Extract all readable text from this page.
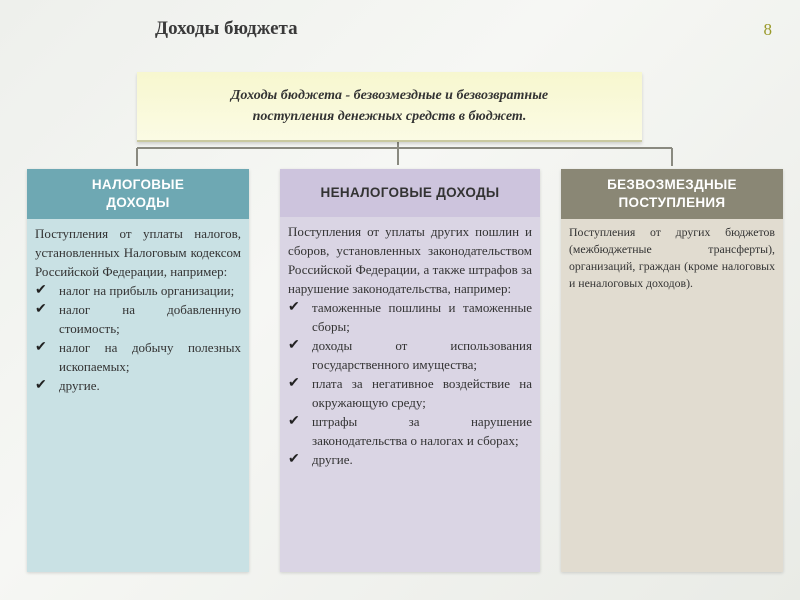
Доходы бюджета	8
Доходы бюджета - безвозмездные и безвозвратные
поступления денежных средств в бюджет.
НАЛОГОВЫЕ
ДОХОДЫ
Поступления от уплаты налогов, установленных Налоговым кодексом Российской Федерации, например:
✔ налог на прибыль организации;
✔ налог на добавленную стоимость;
✔ налог на добычу полезных ископаемых;
✔ другие.
НЕНАЛОГОВЫЕ ДОХОДЫ
Поступления от уплаты других пошлин и сборов, установленных законодательством Российской Федерации, а также штрафов за нарушение законодательства, например:
✔ таможенные пошлины и таможенные сборы;
✔ доходы от использования государственного имущества;
✔ плата за негативное воздействие на окружающую среду;
✔ штрафы за нарушение законодательства о налогах и сборах;
✔ другие.
БЕЗВОЗМЕЗДНЫЕ
ПОСТУПЛЕНИЯ
Поступления от других бюджетов (межбюджетные трансферты), организаций, граждан (кроме налоговых и неналоговых доходов).
